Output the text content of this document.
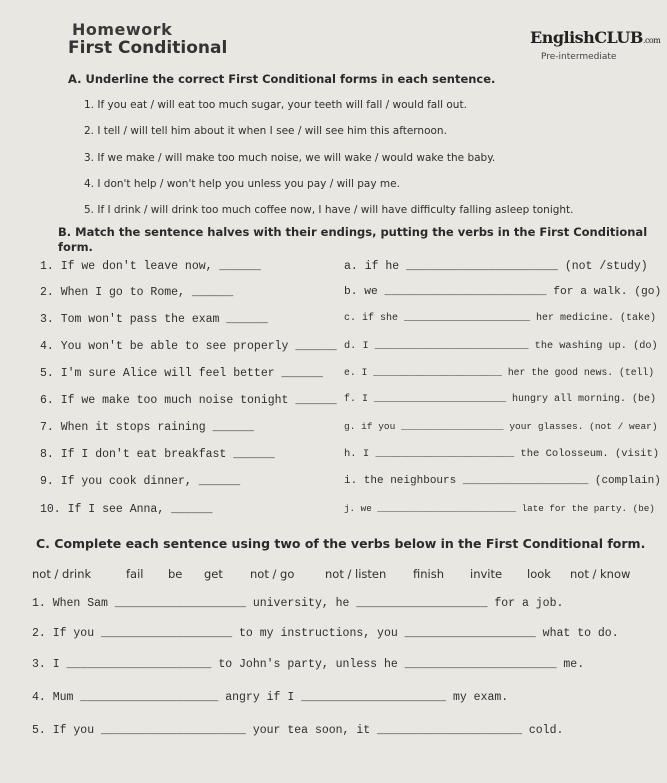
Homework
First Conditional
EnglishCLUB.com
Pre-intermediate
A. Underline the correct First Conditional forms in each sentence.
1. If you eat / will eat too much sugar, your teeth will fall / would fall out.
2. I tell / will tell him about it when I see / will see him this afternoon.
3. If we make / will make too much noise, we will wake / would wake the baby.
4. I don't help / won't help you unless you pay / will pay me.
5. If I drink / will drink too much coffee now, I have / will have difficulty falling asleep tonight.
B. Match the sentence halves with their endings, putting the verbs in the First Conditional
form.
1. If we don't leave now, ______
2. When I go to Rome, ______
3. Tom won't pass the exam ______
4. You won't be able to see properly ______
5. I'm sure Alice will feel better ______
6. If we make too much noise tonight ______
7. When it stops raining ______
8. If I don't eat breakfast ______
9. If you cook dinner, ______
10. If I see Anna, ______
a. if he ______________________ (not /study)
b. we ________________________ for a walk. (go)
c. if she _____________________ her medicine. (take)
d. I _________________________ the washing up. (do)
e. I ______________________ her the good news. (tell)
f. I ______________________ hungry all morning. (be)
g. if you __________________ your glasses. (not / wear)
h. I ______________________ the Colosseum. (visit)
i. the neighbours ___________________ (complain)
j. we _________________________ late for the party. (be)
C. Complete each sentence using two of the verbs below in the First Conditional form.
not / drink	fail be get not / go	not / listen finish invite look not / know
1. When Sam ___________________ university, he ___________________ for a job.
2. If you ___________________ to my instructions, you ___________________ what to do.
3. I _____________________ to John's party, unless he ______________________ me.
4. Mum ____________________ angry if I _____________________ my exam.
5. If you _____________________ your tea soon, it _____________________ cold.
